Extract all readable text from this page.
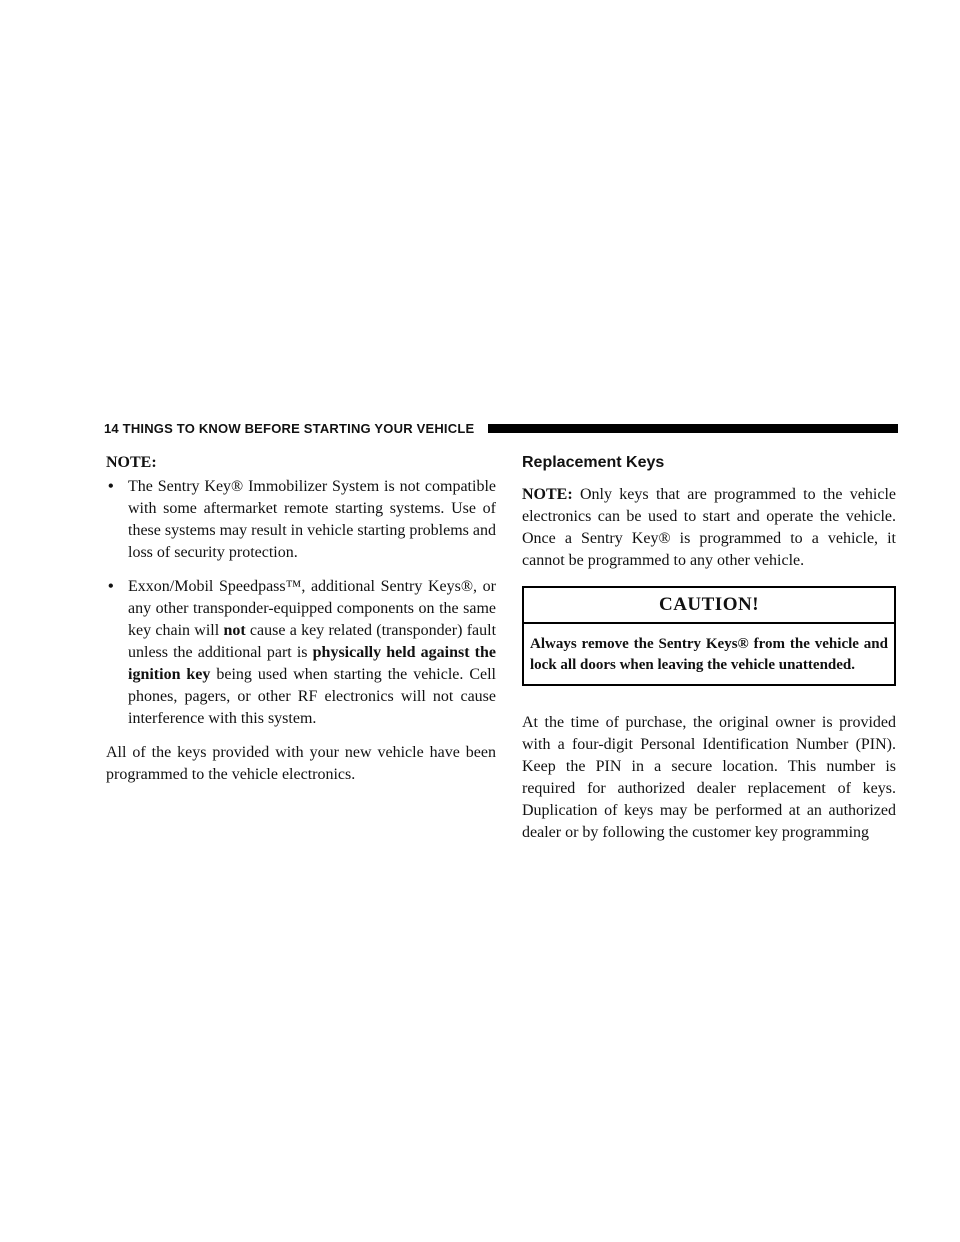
14 THINGS TO KNOW BEFORE STARTING YOUR VEHICLE
NOTE:
• The Sentry Key® Immobilizer System is not compatible with some aftermarket remote starting systems. Use of these systems may result in vehicle starting problems and loss of security protection.
• Exxon/Mobil Speedpass™, additional Sentry Keys®, or any other transponder-equipped components on the same key chain will not cause a key related (transponder) fault unless the additional part is physically held against the ignition key being used when starting the vehicle. Cell phones, pagers, or other RF electronics will not cause interference with this system.

All of the keys provided with your new vehicle have been programmed to the vehicle electronics.

Replacement Keys

NOTE: Only keys that are programmed to the vehicle electronics can be used to start and operate the vehicle. Once a Sentry Key® is programmed to a vehicle, it cannot be programmed to any other vehicle.

CAUTION!
Always remove the Sentry Keys® from the vehicle and lock all doors when leaving the vehicle unattended.

At the time of purchase, the original owner is provided with a four-digit Personal Identification Number (PIN). Keep the PIN in a secure location. This number is required for authorized dealer replacement of keys. Duplication of keys may be performed at an authorized dealer or by following the customer key programming
